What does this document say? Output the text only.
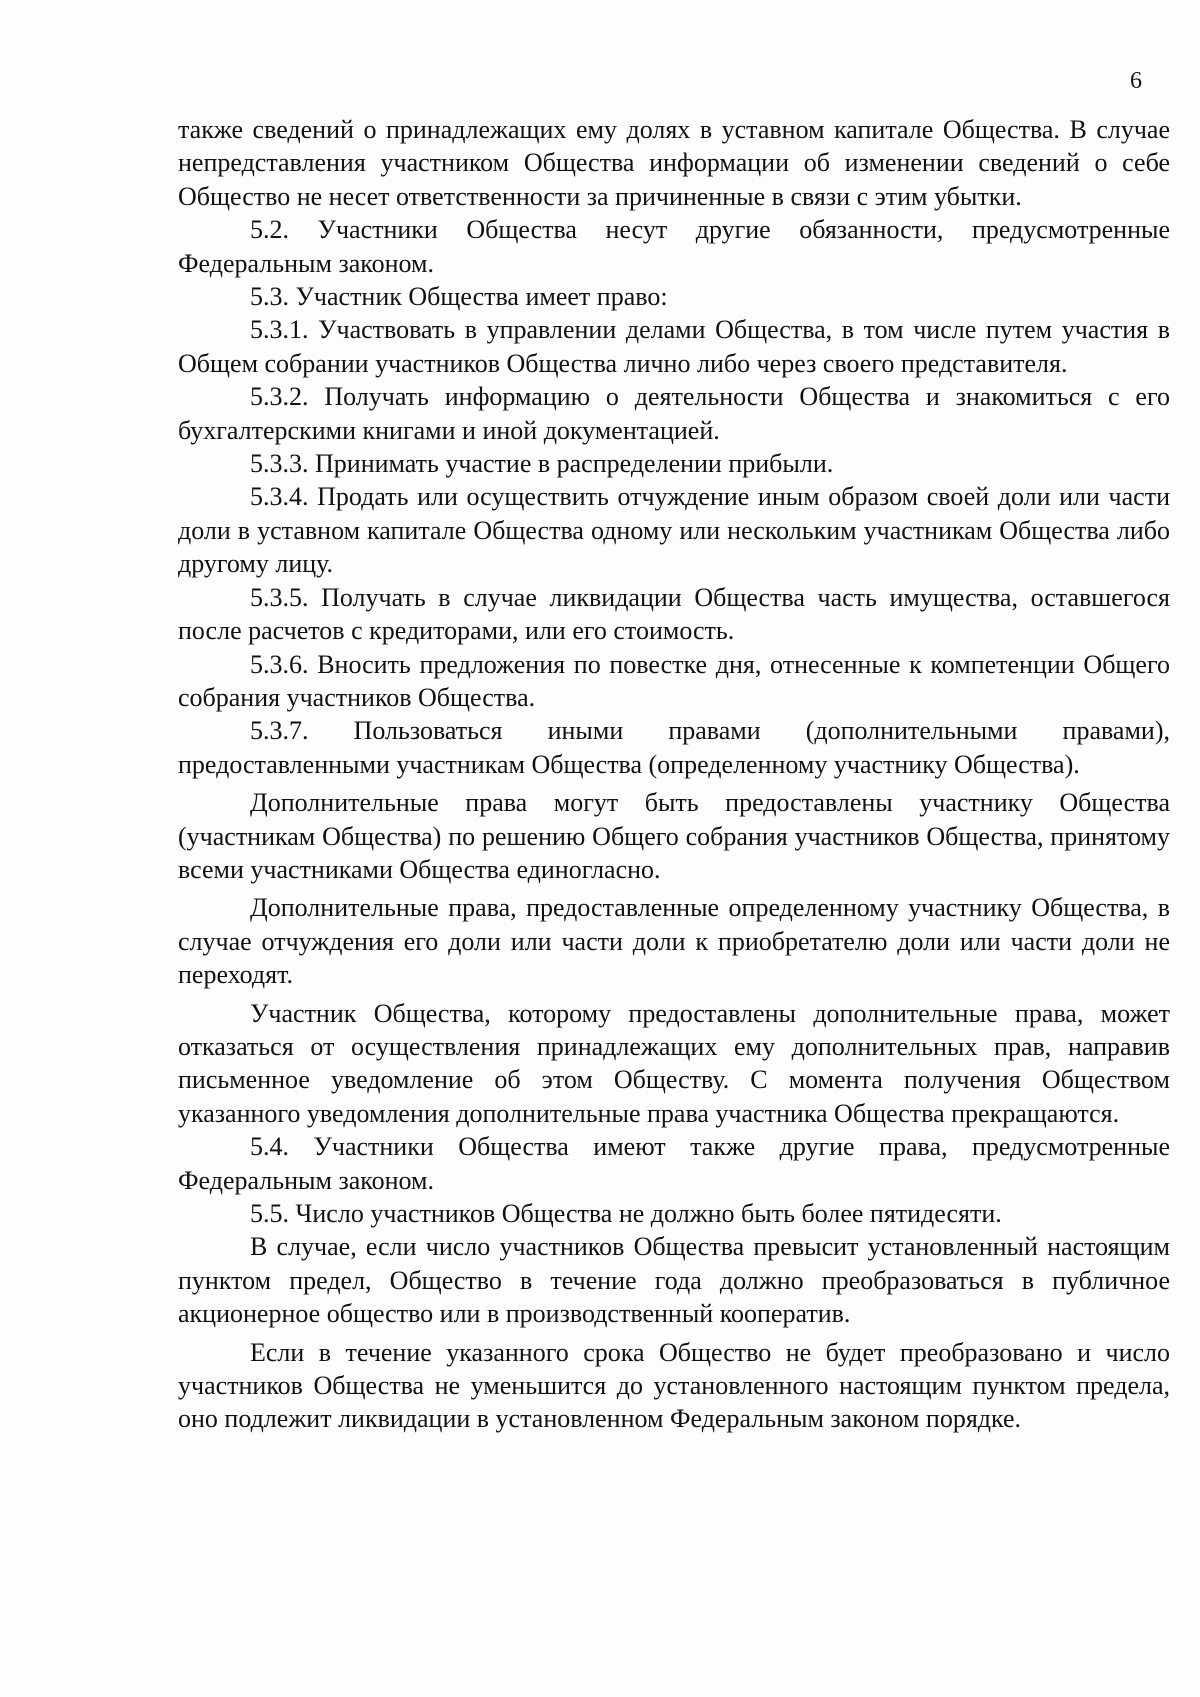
6

также сведений о принадлежащих ему долях в уставном капитале Общества. В случае непредставления участником Общества информации об изменении сведений о себе Общество не несет ответственности за причиненные в связи с этим убытки.

5.2. Участники Общества несут другие обязанности, предусмотренные Федеральным законом.

5.3. Участник Общества имеет право:

5.3.1. Участвовать в управлении делами Общества, в том числе путем участия в Общем собрании участников Общества лично либо через своего представителя.

5.3.2. Получать информацию о деятельности Общества и знакомиться с его бухгалтерскими книгами и иной документацией.

5.3.3. Принимать участие в распределении прибыли.

5.3.4. Продать или осуществить отчуждение иным образом своей доли или части доли в уставном капитале Общества одному или нескольким участникам Общества либо другому лицу.

5.3.5. Получать в случае ликвидации Общества часть имущества, оставшегося после расчетов с кредиторами, или его стоимость.

5.3.6. Вносить предложения по повестке дня, отнесенные к компетенции Общего собрания участников Общества.

5.3.7. Пользоваться иными правами (дополнительными правами), предоставленными участникам Общества (определенному участнику Общества).

Дополнительные права могут быть предоставлены участнику Общества (участникам Общества) по решению Общего собрания участников Общества, принятому всеми участниками Общества единогласно.

Дополнительные права, предоставленные определенному участнику Общества, в случае отчуждения его доли или части доли к приобретателю доли или части доли не переходят.

Участник Общества, которому предоставлены дополнительные права, может отказаться от осуществления принадлежащих ему дополнительных прав, направив письменное уведомление об этом Обществу. С момента получения Обществом указанного уведомления дополнительные права участника Общества прекращаются.

5.4. Участники Общества имеют также другие права, предусмотренные Федеральным законом.

5.5. Число участников Общества не должно быть более пятидесяти.

В случае, если число участников Общества превысит установленный настоящим пунктом предел, Общество в течение года должно преобразоваться в публичное акционерное общество или в производственный кооператив.

Если в течение указанного срока Общество не будет преобразовано и число участников Общества не уменьшится до установленного настоящим пунктом предела, оно подлежит ликвидации в установленном Федеральным законом порядке.
